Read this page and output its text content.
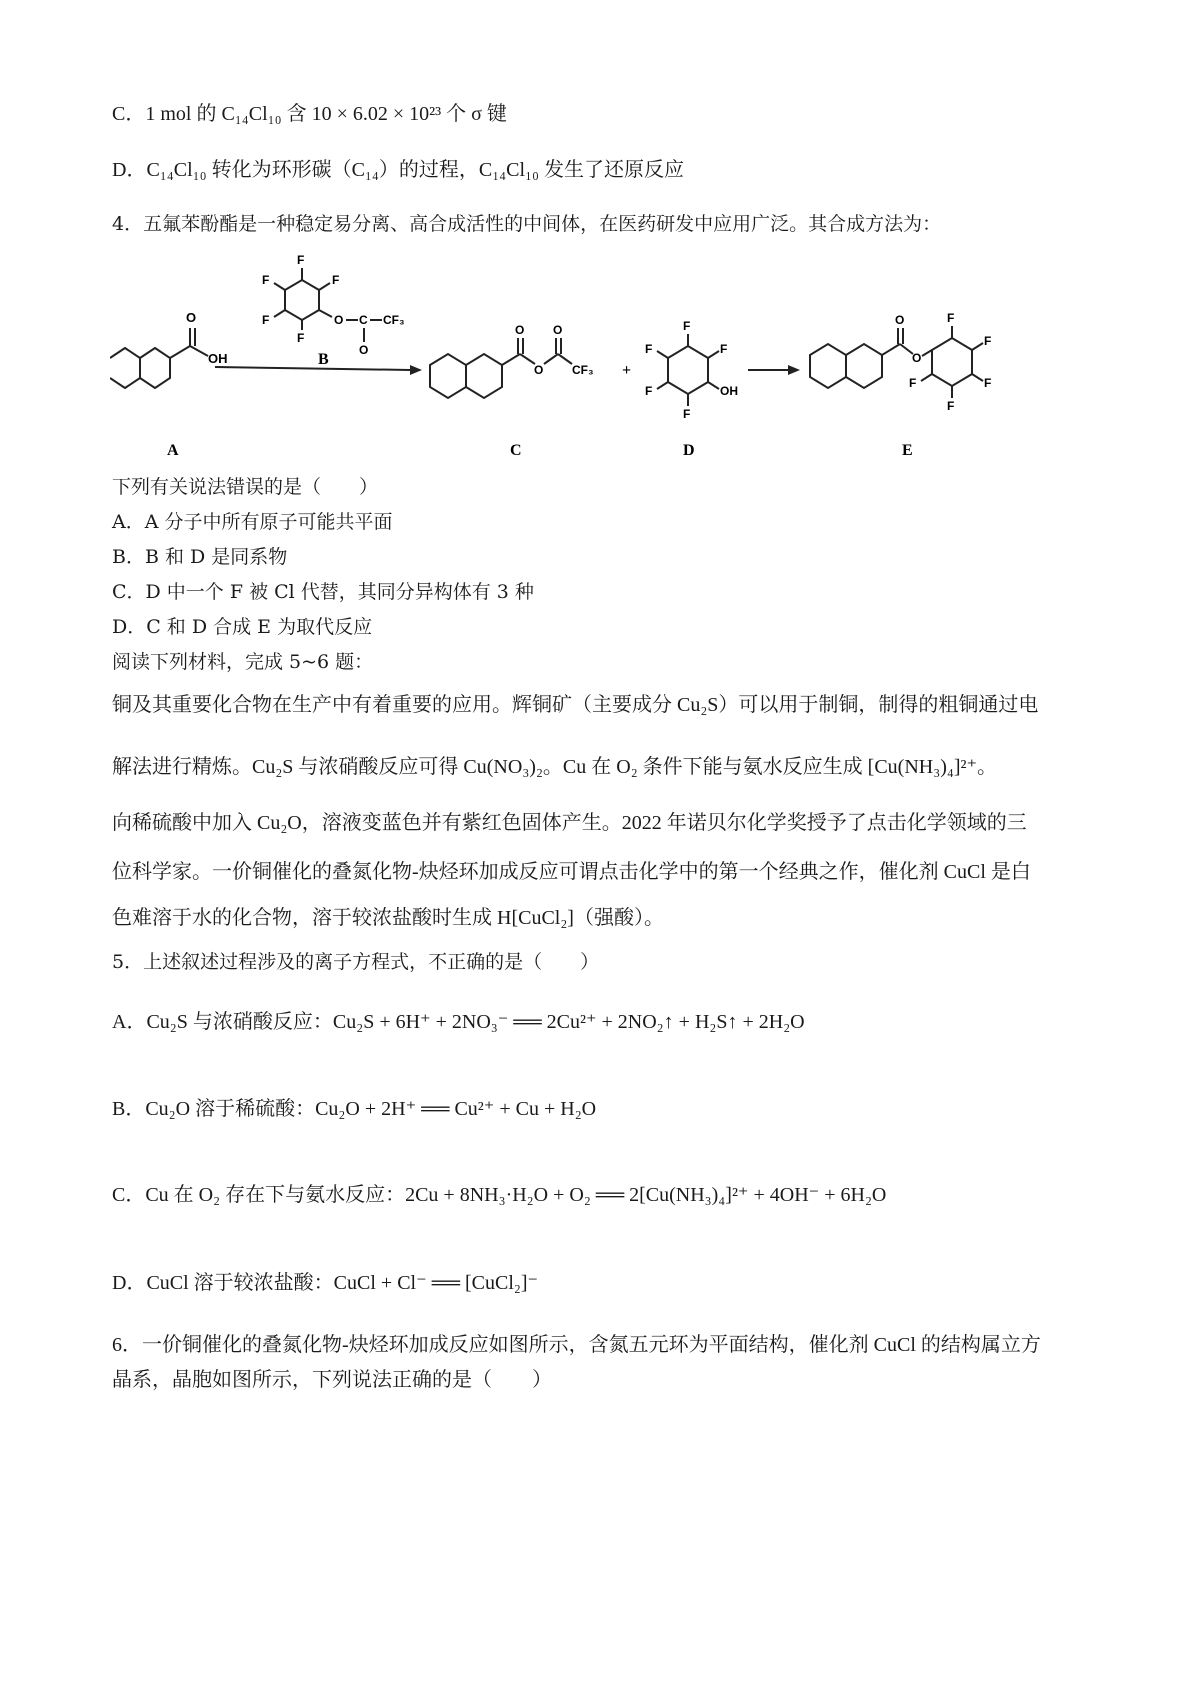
C．1 mol 的 C₁₄Cl₁₀ 含 10 × 6.02 × 10²³ 个 σ 键
D．C₁₄Cl₁₀ 转化为环形碳（C₁₄）的过程，C₁₄Cl₁₀ 发生了还原反应
4．五氟苯酚酯是一种稳定易分离、高合成活性的中间体，在医药研发中应用广泛。其合成方法为：
O
OH
F
F
F
F
F
O C
O
CF₃
B
O
O
O
CF₃ +
F
F
F
F
F
OH
O
O
F
F
F
F
F
A	C	D	E
下列有关说法错误的是（　　）
A．A 分子中所有原子可能共平面
B．B 和 D 是同系物
C．D 中一个 F 被 Cl 代替，其同分异构体有 3 种
D．C 和 D 合成 E 为取代反应
阅读下列材料，完成 5~6 题：
铜及其重要化合物在生产中有着重要的应用。辉铜矿（主要成分 Cu₂S）可以用于制铜，制得的粗铜通过电
解法进行精炼。Cu₂S 与浓硝酸反应可得 Cu(NO₃)₂。Cu 在 O₂ 条件下能与氨水反应生成 [Cu(NH₃)₄]²⁺。
向稀硫酸中加入 Cu₂O，溶液变蓝色并有紫红色固体产生。2022 年诺贝尔化学奖授予了点击化学领域的三
位科学家。一价铜催化的叠氮化物-炔烃环加成反应可谓点击化学中的第一个经典之作，催化剂 CuCl 是白
色难溶于水的化合物，溶于较浓盐酸时生成 H[CuCl₂]（强酸）。
5．上述叙述过程涉及的离子方程式，不正确的是（　　）
A．Cu₂S 与浓硝酸反应：Cu₂S + 6H⁺ + 2NO₃⁻ ══ 2Cu²⁺ + 2NO₂↑ + H₂S↑ + 2H₂O
B．Cu₂O 溶于稀硫酸：Cu₂O + 2H⁺ ══ Cu²⁺ + Cu + H₂O
C．Cu 在 O₂ 存在下与氨水反应：2Cu + 8NH₃·H₂O + O₂ ══ 2[Cu(NH₃)₄]²⁺ + 4OH⁻ + 6H₂O
D．CuCl 溶于较浓盐酸：CuCl + Cl⁻ ══ [CuCl₂]⁻
6．一价铜催化的叠氮化物-炔烃环加成反应如图所示，含氮五元环为平面结构，催化剂 CuCl 的结构属立方
晶系，晶胞如图所示，下列说法正确的是（　　）
